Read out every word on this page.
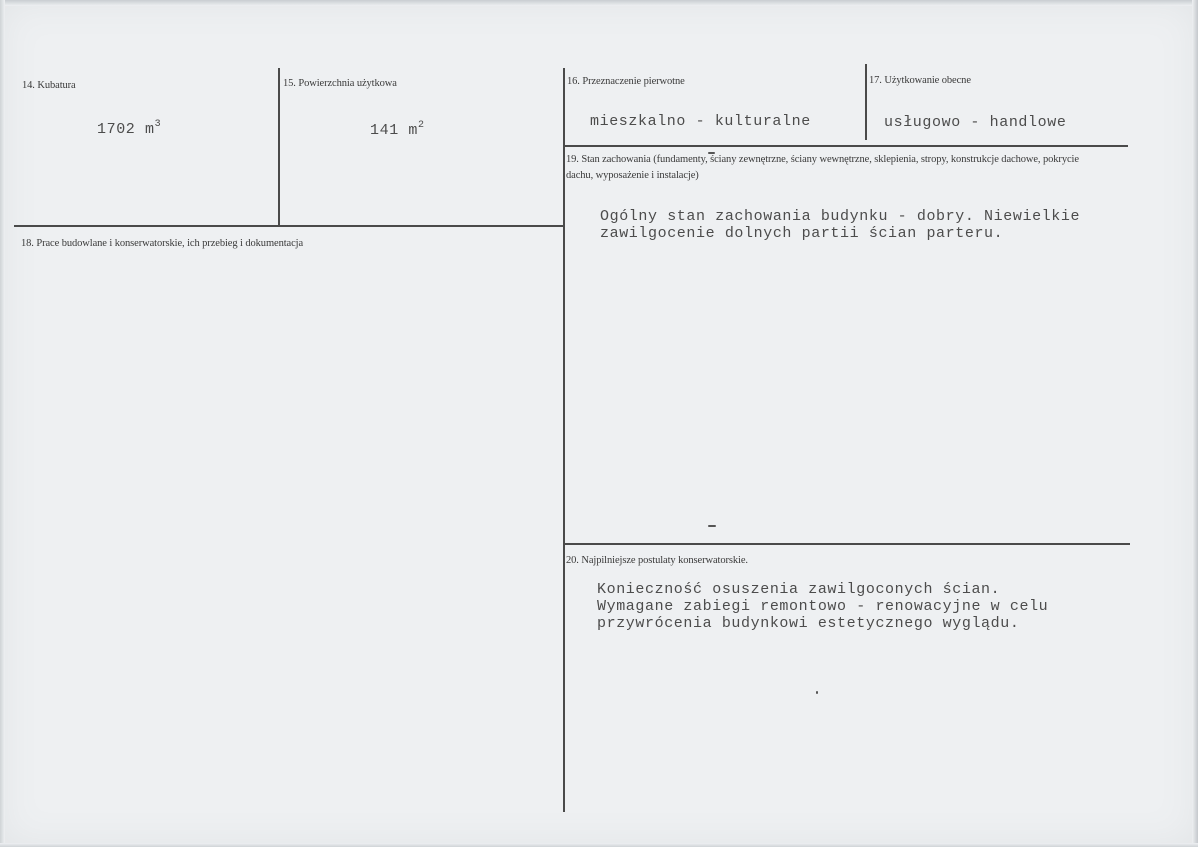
14. Kubatura
1702 $m^3$
15. Powierzchnia użytkowa
141 $m^2$
16. Przeznaczenie pierwotne
mieszkalno - kulturalne
17. Użytkowanie obecne
usługowo - handlowe
19. Stan zachowania (fundamenty, ściany zewnętrzne, ściany wewnętrzne, sklepienia, stropy, konstrukcje dachowe, pokrycie dachu, wyposażenie i instalacje)
Ogólny stan zachowania budynku - dobry. Niewielkie
zawilgocenie dolnych partii ścian parteru.
18. Prace budowlane i konserwatorskie, ich przebieg i dokumentacja
20. Najpilniejsze postulaty konserwatorskie.
Konieczność osuszenia zawilgoconych ścian.
Wymagane zabiegi remontowo - renowacyjne w celu
przywrócenia budynkowi estetycznego wyglądu.
